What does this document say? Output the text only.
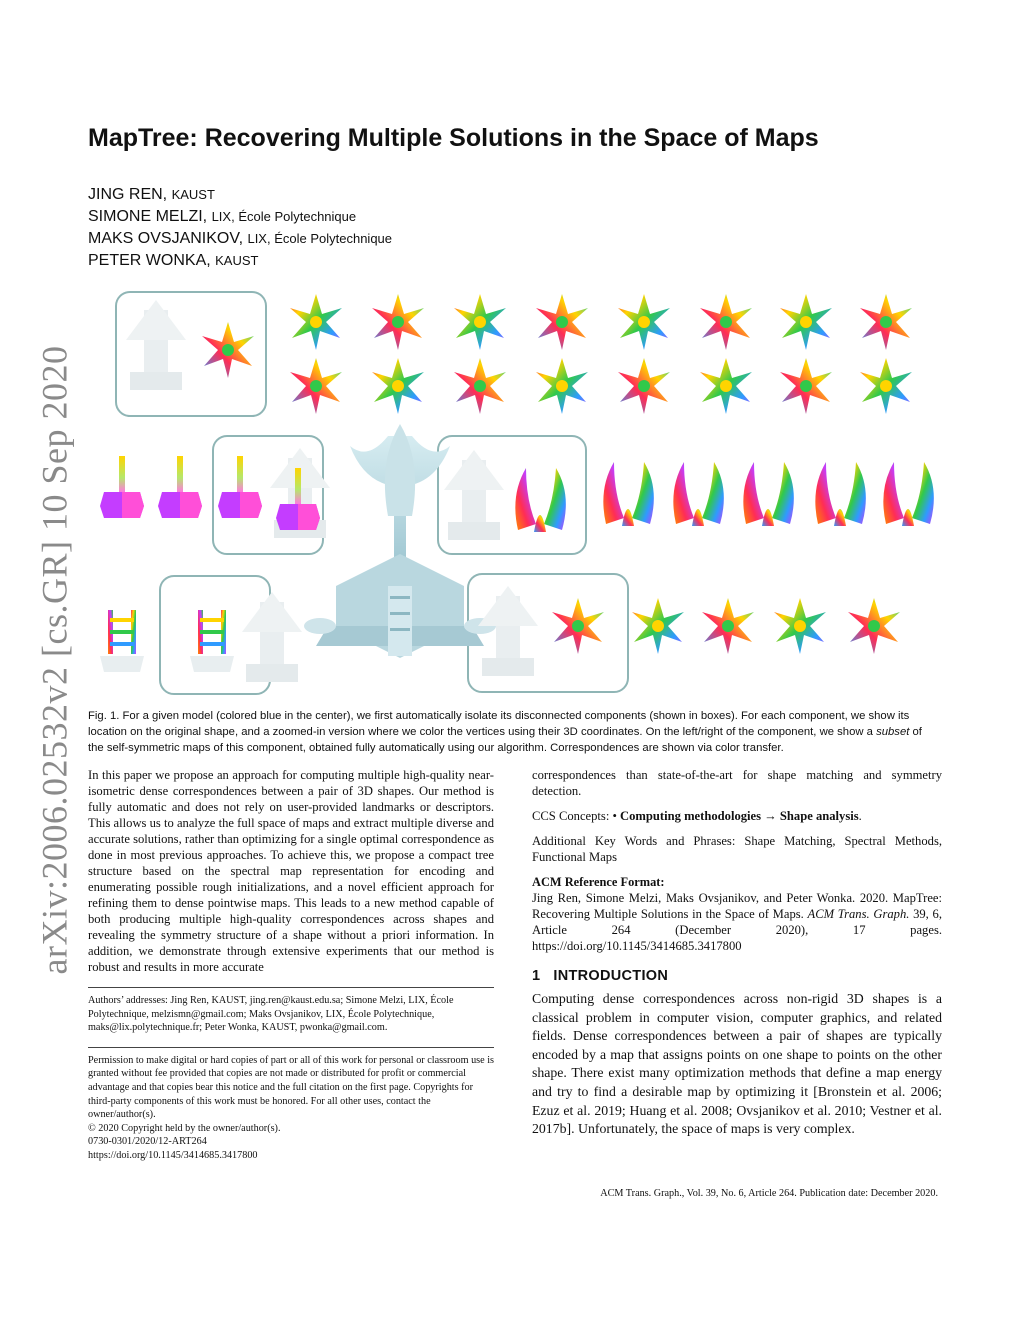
arXiv:2006.02532v2 [cs.GR] 10 Sep 2020
MapTree: Recovering Multiple Solutions in the Space of Maps
JING REN, KAUST
SIMONE MELZI, LIX, École Polytechnique
MAKS OVSJANIKOV, LIX, École Polytechnique
PETER WONKA, KAUST

Fig. 1. For a given model (colored blue in the center), we first automatically isolate its disconnected components (shown in boxes). For each component, we show its location on the original shape, and a zoomed-in version where we color the vertices using their 3D coordinates. On the left/right of the component, we show a subset of the self-symmetric maps of this component, obtained fully automatically using our algorithm. Correspondences are shown via color transfer.

In this paper we propose an approach for computing multiple high-quality near-isometric dense correspondences between a pair of 3D shapes. Our method is fully automatic and does not rely on user-provided landmarks or descriptors. This allows us to analyze the full space of maps and extract multiple diverse and accurate solutions, rather than optimizing for a single optimal correspondence as done in most previous approaches. To achieve this, we propose a compact tree structure based on the spectral map representation for encoding and enumerating possible rough initializations, and a novel efficient approach for refining them to dense pointwise maps. This leads to a new method capable of both producing multiple high-quality correspondences across shapes and revealing the symmetry structure of a shape without a priori information. In addition, we demonstrate through extensive experiments that our method is robust and results in more accurate

Authors’ addresses: Jing Ren, KAUST, jing.ren@kaust.edu.sa; Simone Melzi, LIX, École Polytechnique, melzismn@gmail.com; Maks Ovsjanikov, LIX, École Polytechnique, maks@lix.polytechnique.fr; Peter Wonka, KAUST, pwonka@gmail.com.

Permission to make digital or hard copies of part or all of this work for personal or classroom use is granted without fee provided that copies are not made or distributed for profit or commercial advantage and that copies bear this notice and the full citation on the first page. Copyrights for third-party components of this work must be honored. For all other uses, contact the owner/author(s).
© 2020 Copyright held by the owner/author(s).
0730-0301/2020/12-ART264
https://doi.org/10.1145/3414685.3417800

correspondences than state-of-the-art for shape matching and symmetry detection.

CCS Concepts: • Computing methodologies → Shape analysis.

Additional Key Words and Phrases: Shape Matching, Spectral Methods, Functional Maps

ACM Reference Format:

Jing Ren, Simone Melzi, Maks Ovsjanikov, and Peter Wonka. 2020. MapTree: Recovering Multiple Solutions in the Space of Maps. ACM Trans. Graph. 39, 6, Article 264 (December 2020), 17 pages. https://doi.org/10.1145/3414685.3417800

1 INTRODUCTION

Computing dense correspondences across non-rigid 3D shapes is a classical problem in computer vision, computer graphics, and related fields. Dense correspondences between a pair of shapes are typically encoded by a map that assigns points on one shape to points on the other shape. There exist many optimization methods that define a map energy and try to find a desirable map by optimizing it [Bronstein et al. 2006; Ezuz et al. 2019; Huang et al. 2008; Ovsjanikov et al. 2010; Vestner et al. 2017b]. Unfortunately, the space of maps is very complex.

ACM Trans. Graph., Vol. 39, No. 6, Article 264. Publication date: December 2020.
